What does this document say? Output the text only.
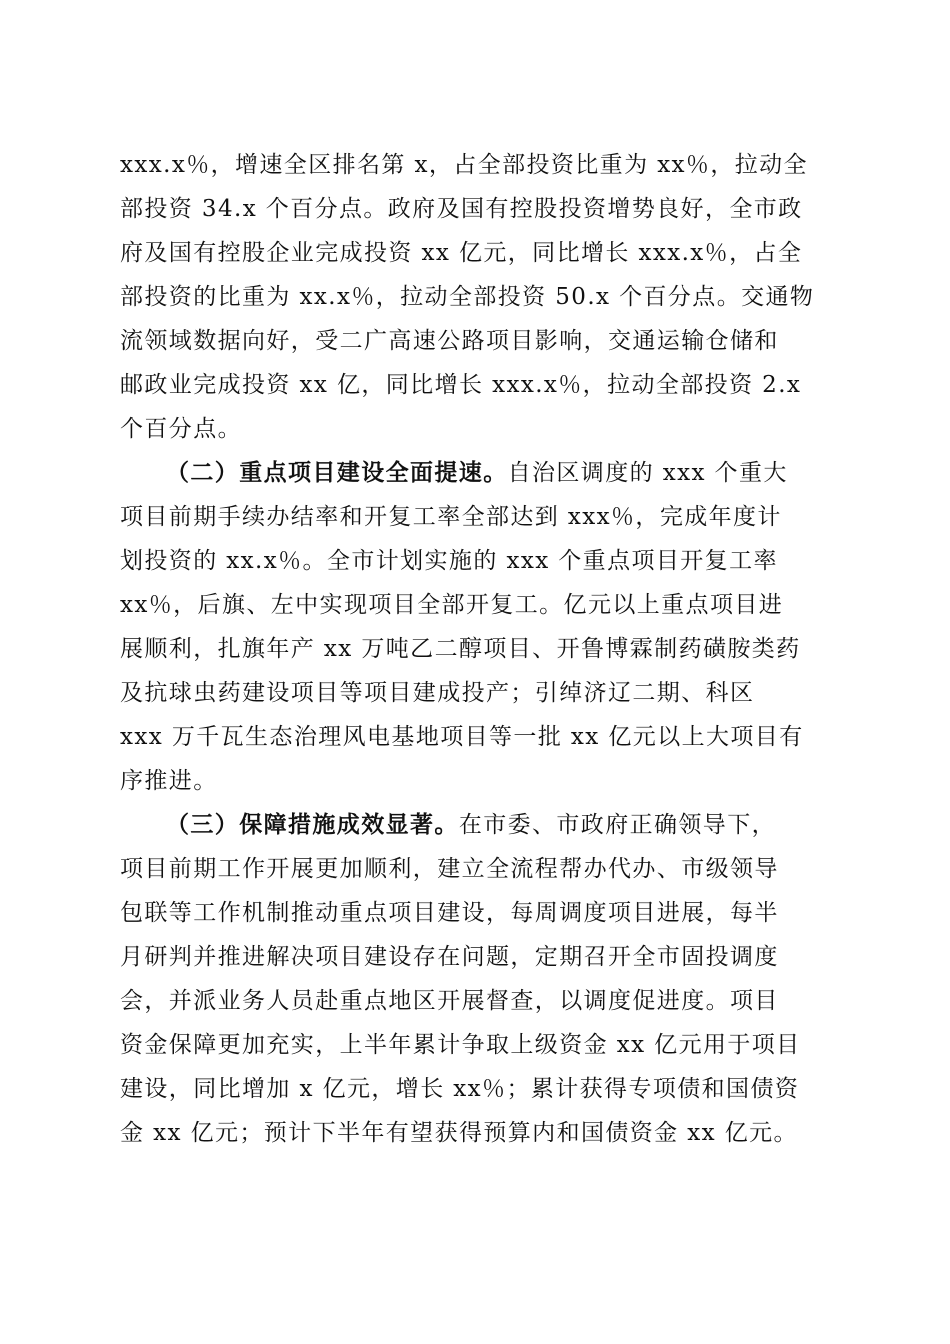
xxx.x％，增速全区排名第 x，占全部投资比重为 xx％，拉动全
部投资 34.x 个百分点。政府及国有控股投资增势良好，全市政
府及国有控股企业完成投资 xx 亿元，同比增长 xxx.x％，占全
部投资的比重为 xx.x％，拉动全部投资 50.x 个百分点。交通物
流领域数据向好，受二广高速公路项目影响，交通运输仓储和
邮政业完成投资 xx 亿，同比增长 xxx.x％，拉动全部投资 2.x
个百分点。
（二）重点项目建设全面提速。自治区调度的 xxx 个重大
项目前期手续办结率和开复工率全部达到 xxx％，完成年度计
划投资的 xx.x％。全市计划实施的 xxx 个重点项目开复工率
xx％，后旗、左中实现项目全部开复工。亿元以上重点项目进
展顺利，扎旗年产 xx 万吨乙二醇项目、开鲁博霖制药磺胺类药
及抗球虫药建设项目等项目建成投产；引绰济辽二期、科区
xxx 万千瓦生态治理风电基地项目等一批 xx 亿元以上大项目有
序推进。
（三）保障措施成效显著。在市委、市政府正确领导下，
项目前期工作开展更加顺利，建立全流程帮办代办、市级领导
包联等工作机制推动重点项目建设，每周调度项目进展，每半
月研判并推进解决项目建设存在问题，定期召开全市固投调度
会，并派业务人员赴重点地区开展督查，以调度促进度。项目
资金保障更加充实，上半年累计争取上级资金 xx 亿元用于项目
建设，同比增加 x 亿元，增长 xx％；累计获得专项债和国债资
金 xx 亿元；预计下半年有望获得预算内和国债资金 xx 亿元。
